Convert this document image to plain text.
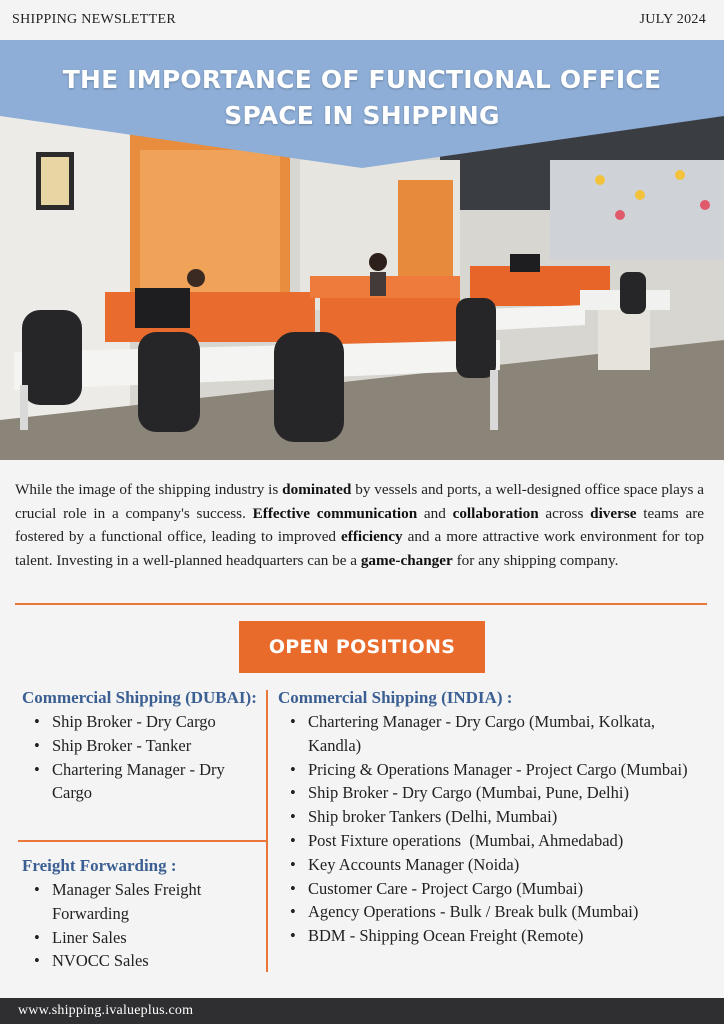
SHIPPING NEWSLETTER	JULY 2024
THE IMPORTANCE OF FUNCTIONAL OFFICE
SPACE IN SHIPPING

While the image of the shipping industry is dominated by vessels and ports, a well-designed office space plays a crucial role in a company's success. Effective communication and collaboration across diverse teams are fostered by a functional office, leading to improved efficiency and a more attractive work environment for top talent. Investing in a well-planned headquarters can be a game-changer for any shipping company.

OPEN POSITIONS
Commercial Shipping (DUBAI):
• Ship Broker - Dry Cargo
• Ship Broker - Tanker
• Chartering Manager - Dry Cargo
Freight Forwarding :
• Manager Sales Freight Forwarding
• Liner Sales
• NVOCC Sales
Commercial Shipping (INDIA) :
• Chartering Manager - Dry Cargo (Mumbai, Kolkata, Kandla)
• Pricing & Operations Manager - Project Cargo (Mumbai)
• Ship Broker - Dry Cargo (Mumbai, Pune, Delhi)
• Ship broker Tankers (Delhi, Mumbai)
• Post Fixture operations  (Mumbai, Ahmedabad)
• Key Accounts Manager (Noida)
• Customer Care - Project Cargo (Mumbai)
• Agency Operations - Bulk / Break bulk (Mumbai)
• BDM - Shipping Ocean Freight (Remote)
www.shipping.ivalueplus.com
